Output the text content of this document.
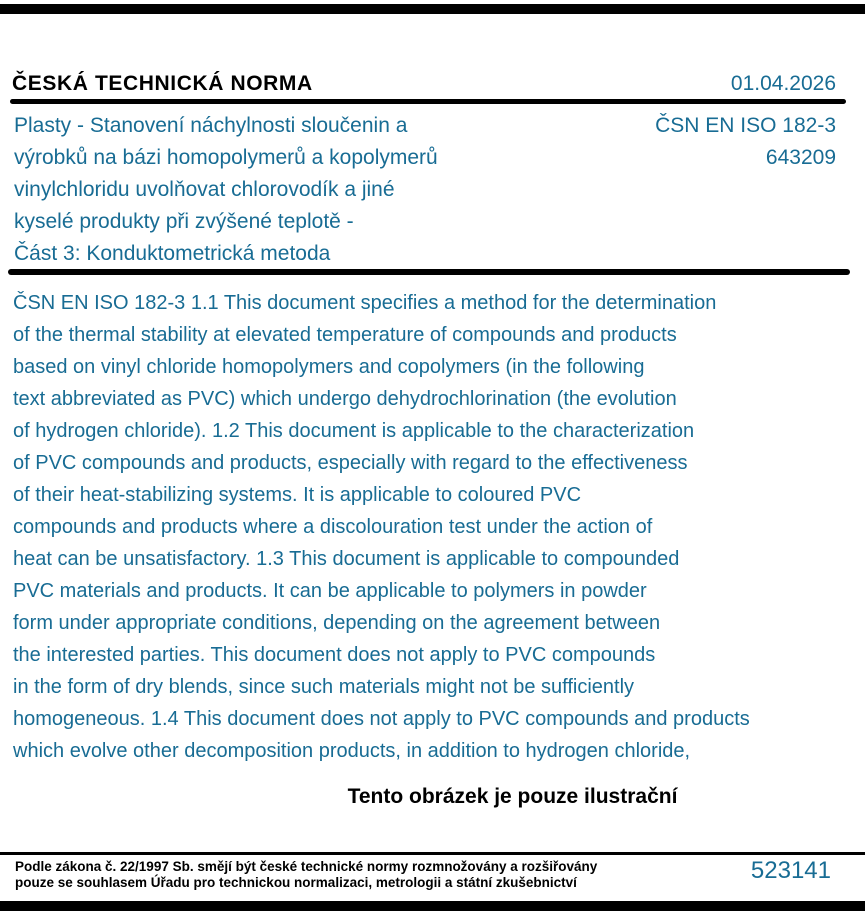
ČESKÁ TECHNICKÁ NORMA	01.04.2026
Plasty - Stanovení náchylnosti sloučenin a
výrobků na bázi homopolymerů a kopolymerů
vinylchloridu uvolňovat chlorovodík a jiné
kyselé produkty při zvýšené teplotě -
Část 3: Konduktometrická metoda
ČSN EN ISO 182-3
643209
ČSN EN ISO 182-3 1.1 This document specifies a method for the determination
of the thermal stability at elevated temperature of compounds and products
based on vinyl chloride homopolymers and copolymers (in the following
text abbreviated as PVC) which undergo dehydrochlorination (the evolution
of hydrogen chloride). 1.2 This document is applicable to the characterization
of PVC compounds and products, especially with regard to the effectiveness
of their heat-stabilizing systems. It is applicable to coloured PVC
compounds and products where a discolouration test under the action of
heat can be unsatisfactory. 1.3 This document is applicable to compounded
PVC materials and products. It can be applicable to polymers in powder
form under appropriate conditions, depending on the agreement between
the interested parties. This document does not apply to PVC compounds
in the form of dry blends, since such materials might not be sufficiently
homogeneous. 1.4 This document does not apply to PVC compounds and products
which evolve other decomposition products, in addition to hydrogen chloride,
Tento obrázek je pouze ilustrační
Podle zákona č. 22/1997 Sb. smějí být české technické normy rozmnožovány a rozšiřovány
pouze se souhlasem Úřadu pro technickou normalizaci, metrologii a státní zkušebnictví	523141
